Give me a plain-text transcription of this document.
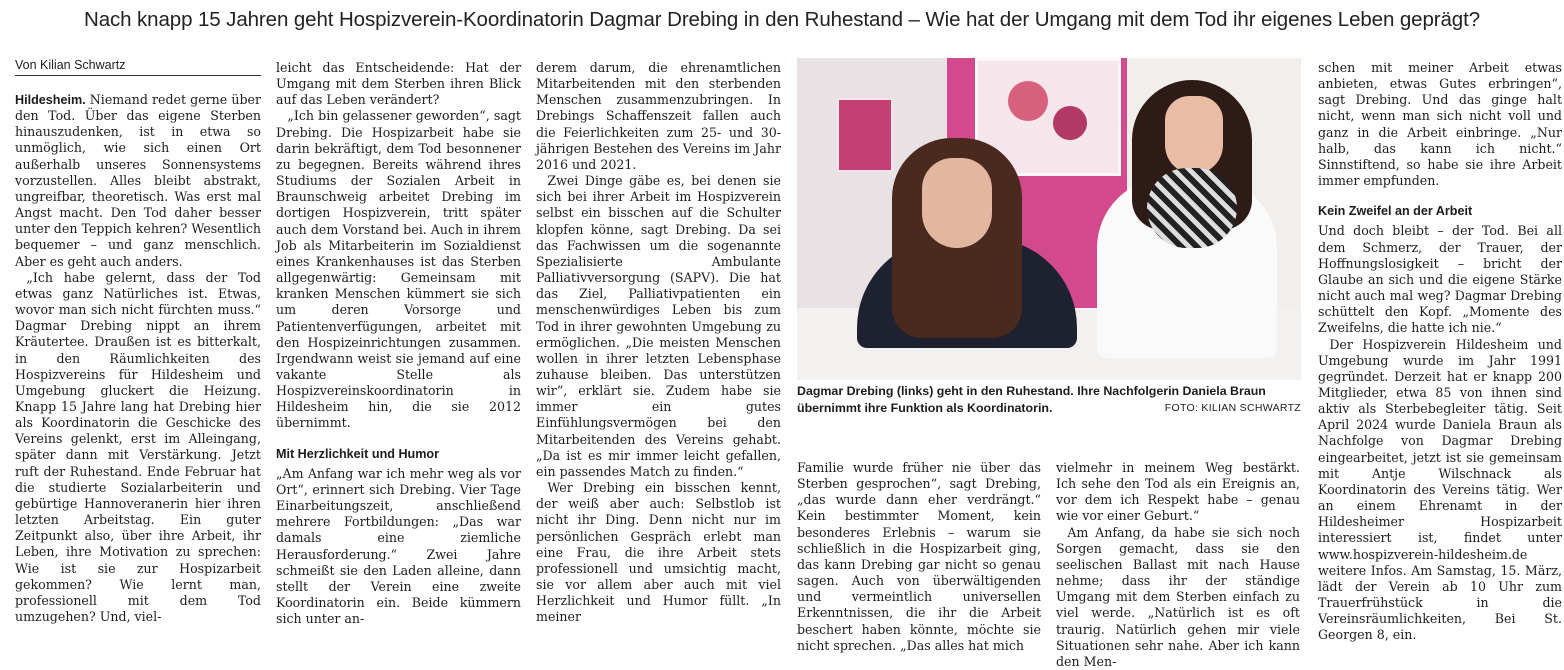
Nach knapp 15 Jahren geht Hospizverein-Koordinatorin Dagmar Drebing in den Ruhestand – Wie hat der Umgang mit dem Tod ihr eigenes Leben geprägt?
Von Kilian Schwartz

Hildesheim. Niemand redet gerne über den Tod. Über das eigene Sterben hinauszudenken, ist in etwa so unmöglich, wie sich einen Ort außerhalb unseres Sonnensystems vorzustellen. Alles bleibt abstrakt, ungreifbar, theoretisch. Was erst mal Angst macht. Den Tod daher besser unter den Teppich kehren? Wesentlich bequemer – und ganz menschlich. Aber es geht auch anders.

„Ich habe gelernt, dass der Tod etwas ganz Natürliches ist. Etwas, wovor man sich nicht fürchten muss.“ Dagmar Drebing nippt an ihrem Kräutertee. Draußen ist es bitterkalt, in den Räumlichkeiten des Hospizvereins für Hildesheim und Umgebung gluckert die Heizung. Knapp 15 Jahre lang hat Drebing hier als Koordinatorin die Geschicke des Vereins gelenkt, erst im Alleingang, später dann mit Verstärkung. Jetzt ruft der Ruhestand. Ende Februar hat die studierte Sozialarbeiterin und gebürtige Hannoveranerin hier ihren letzten Arbeitstag. Ein guter Zeitpunkt also, über ihre Arbeit, ihr Leben, ihre Motivation zu sprechen: Wie ist sie zur Hospizarbeit gekommen? Wie lernt man, professionell mit dem Tod umzugehen? Und, viel-

leicht das Entscheidende: Hat der Umgang mit dem Sterben ihren Blick auf das Leben verändert?

„Ich bin gelassener geworden“, sagt Drebing. Die Hospizarbeit habe sie darin bekräftigt, dem Tod besonnener zu begegnen. Bereits während ihres Studiums der Sozialen Arbeit in Braunschweig arbeitet Drebing im dortigen Hospizverein, tritt später auch dem Vorstand bei. Auch in ihrem Job als Mitarbeiterin im Sozialdienst eines Krankenhauses ist das Sterben allgegenwärtig: Gemeinsam mit kranken Menschen kümmert sie sich um deren Vorsorge und Patientenverfügungen, arbeitet mit den Hospizeinrichtungen zusammen. Irgendwann weist sie jemand auf eine vakante Stelle als Hospizvereinskoordinatorin in Hildesheim hin, die sie 2012 übernimmt.

Mit Herzlichkeit und Humor

„Am Anfang war ich mehr weg als vor Ort“, erinnert sich Drebing. Vier Tage Einarbeitungszeit, anschließend mehrere Fortbildungen: „Das war damals eine ziemliche Herausforderung.“ Zwei Jahre schmeißt sie den Laden alleine, dann stellt der Verein eine zweite Koordinatorin ein. Beide kümmern sich unter an-

derem darum, die ehrenamtlichen Mitarbeitenden mit den sterbenden Menschen zusammenzubringen. In Drebings Schaffenszeit fallen auch die Feierlichkeiten zum 25- und 30-jährigen Bestehen des Vereins im Jahr 2016 und 2021.

Zwei Dinge gäbe es, bei denen sie sich bei ihrer Arbeit im Hospizverein selbst ein bisschen auf die Schulter klopfen könne, sagt Drebing. Da sei das Fachwissen um die sogenannte Spezialisierte Ambulante Palliativversorgung (SAPV). Die hat das Ziel, Palliativpatienten ein menschenwürdiges Leben bis zum Tod in ihrer gewohnten Umgebung zu ermöglichen. „Die meisten Menschen wollen in ihrer letzten Lebensphase zuhause bleiben. Das unterstützen wir“, erklärt sie. Zudem habe sie immer ein gutes Einfühlungsvermögen bei den Mitarbeitenden des Vereins gehabt. „Da ist es mir immer leicht gefallen, ein passendes Match zu finden.“

Wer Drebing ein bisschen kennt, der weiß aber auch: Selbstlob ist nicht ihr Ding. Denn nicht nur im persönlichen Gespräch erlebt man eine Frau, die ihre Arbeit stets professionell und umsichtig macht, sie vor allem aber auch mit viel Herzlichkeit und Humor füllt. „In meiner

Dagmar Drebing (links) geht in den Ruhestand. Ihre Nachfolgerin Daniela Braun übernimmt ihre Funktion als Koordinatorin.	FOTO: KILIAN SCHWARTZ

Familie wurde früher nie über das Sterben gesprochen“, sagt Drebing, „das wurde dann eher verdrängt.“ Kein bestimmter Moment, kein besonderes Erlebnis – warum sie schließlich in die Hospizarbeit ging, das kann Drebing gar nicht so genau sagen. Auch von überwältigenden und vermeintlich universellen Erkenntnissen, die ihr die Arbeit beschert haben könnte, möchte sie nicht sprechen. „Das alles hat mich

vielmehr in meinem Weg bestärkt. Ich sehe den Tod als ein Ereignis an, vor dem ich Respekt habe – genau wie vor einer Geburt.“

Am Anfang, da habe sie sich noch Sorgen gemacht, dass sie den seelischen Ballast mit nach Hause nehme; dass ihr der ständige Umgang mit dem Sterben einfach zu viel werde. „Natürlich ist es oft traurig. Natürlich gehen mir viele Situationen sehr nahe. Aber ich kann den Men-

schen mit meiner Arbeit etwas anbieten, etwas Gutes erbringen“, sagt Drebing. Und das ginge halt nicht, wenn man sich nicht voll und ganz in die Arbeit einbringe. „Nur halb, das kann ich nicht.“ Sinnstiftend, so habe sie ihre Arbeit immer empfunden.

Kein Zweifel an der Arbeit

Und doch bleibt – der Tod. Bei all dem Schmerz, der Trauer, der Hoffnungslosigkeit – bricht der Glaube an sich und die eigene Stärke nicht auch mal weg? Dagmar Drebing schüttelt den Kopf. „Momente des Zweifelns, die hatte ich nie.“

Der Hospizverein Hildesheim und Umgebung wurde im Jahr 1991 gegründet. Derzeit hat er knapp 200 Mitglieder, etwa 85 von ihnen sind aktiv als Sterbebegleiter tätig. Seit April 2024 wurde Daniela Braun als Nachfolge von Dagmar Drebing eingearbeitet, jetzt ist sie gemeinsam mit Antje Wilschnack als Koordinatorin des Vereins tätig. Wer an einem Ehrenamt in der Hildesheimer Hospizarbeit interessiert ist, findet unter www.hospizverein-hildesheim.de weitere Infos. Am Samstag, 15. März, lädt der Verein ab 10 Uhr zum Trauerfrühstück in die Vereinsräumlichkeiten, Bei St. Georgen 8, ein.
